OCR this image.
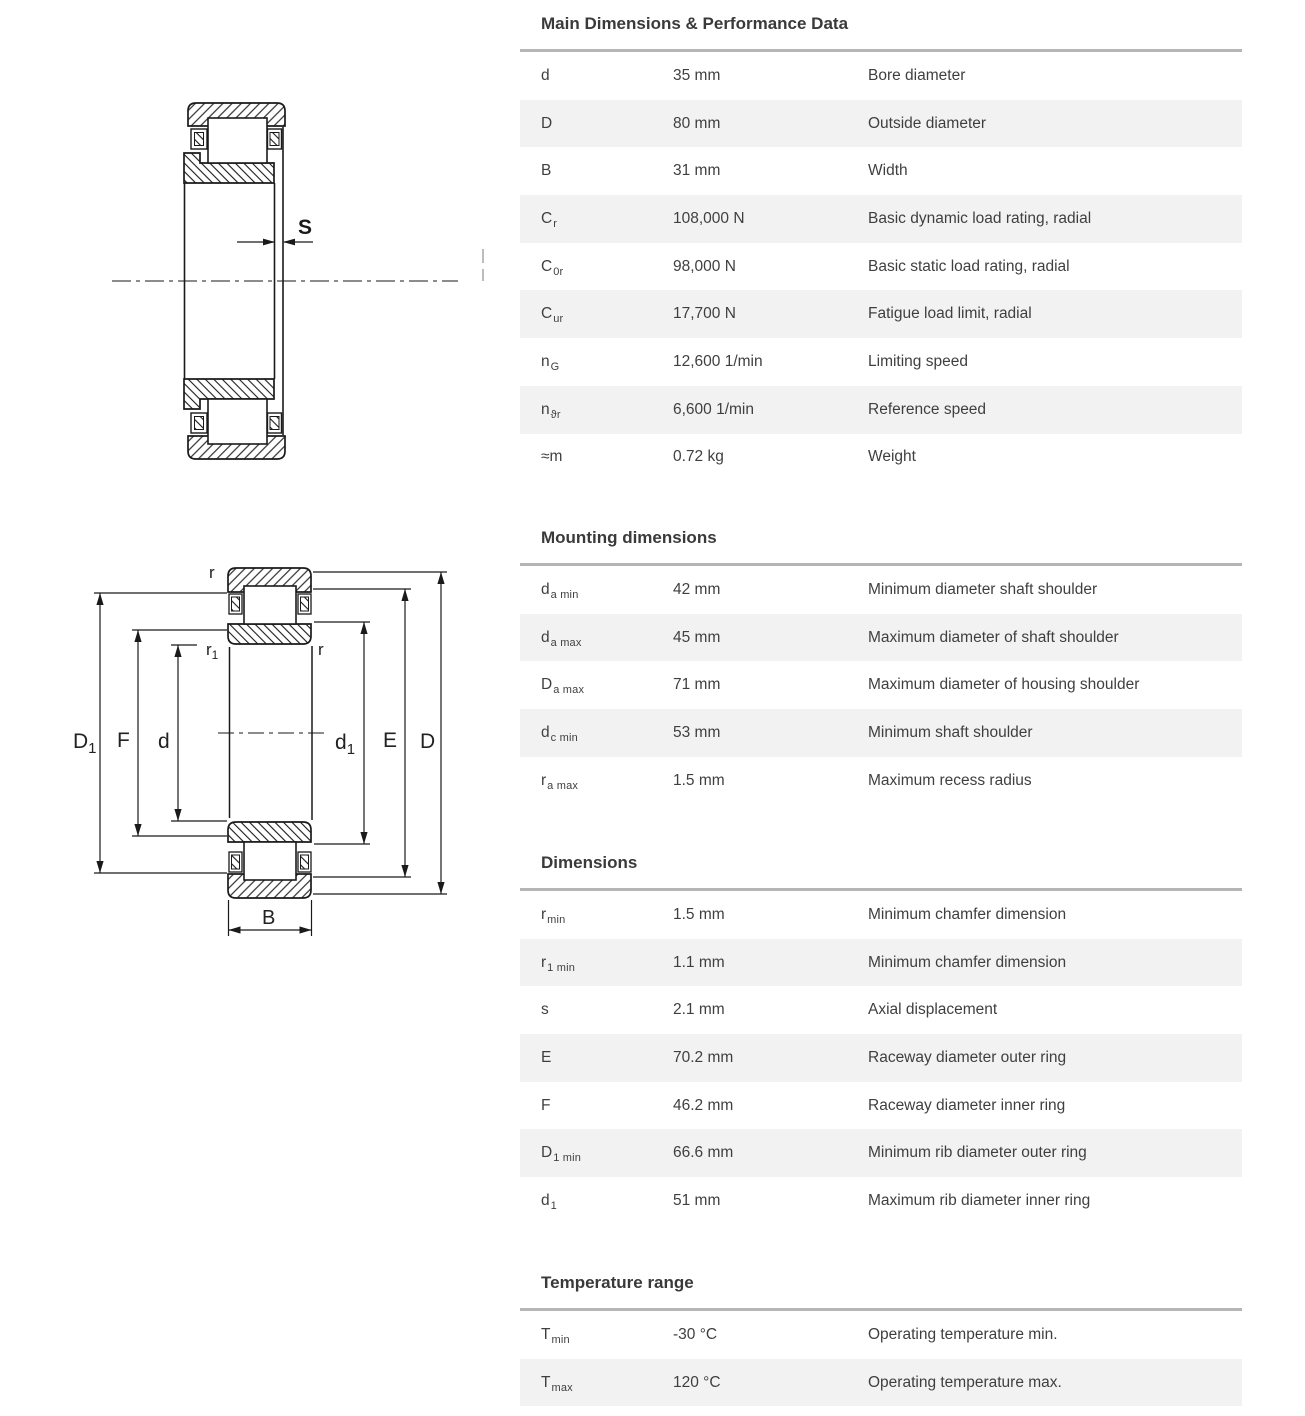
S
$D_1$ F d	$d_1$ E D
B
r
$r_1$	r
Main Dimensions & Performance Data
d	35 mm	Bore diameter
D	80 mm	Outside diameter
B	31 mm	Width
$C_r$	108,000 N	Basic dynamic load rating, radial
$C_{0r}$	98,000 N	Basic static load rating, radial
$C_{ur}$	17,700 N	Fatigue load limit, radial
$n_G$	12,600 1/min	Limiting speed
$n_{ϑr}$	6,600 1/min	Reference speed
≈m	0.72 kg	Weight
Mounting dimensions
$d_{a min}$	42 mm	Minimum diameter shaft shoulder
$d_{a max}$	45 mm	Maximum diameter of shaft shoulder
$D_{a max}$	71 mm	Maximum diameter of housing shoulder
$d_{c min}$	53 mm	Minimum shaft shoulder
$r_{a max}$	1.5 mm	Maximum recess radius
Dimensions
$r_{min}$	1.5 mm	Minimum chamfer dimension
$r_{1 min}$	1.1 mm	Minimum chamfer dimension
s	2.1 mm	Axial displacement
E	70.2 mm	Raceway diameter outer ring
F	46.2 mm	Raceway diameter inner ring
$D_{1 min}$	66.6 mm	Minimum rib diameter outer ring
$d_1$	51 mm	Maximum rib diameter inner ring
Temperature range
$T_{min}$	-30 °C	Operating temperature min.
$T_{max}$	120 °C	Operating temperature max.
